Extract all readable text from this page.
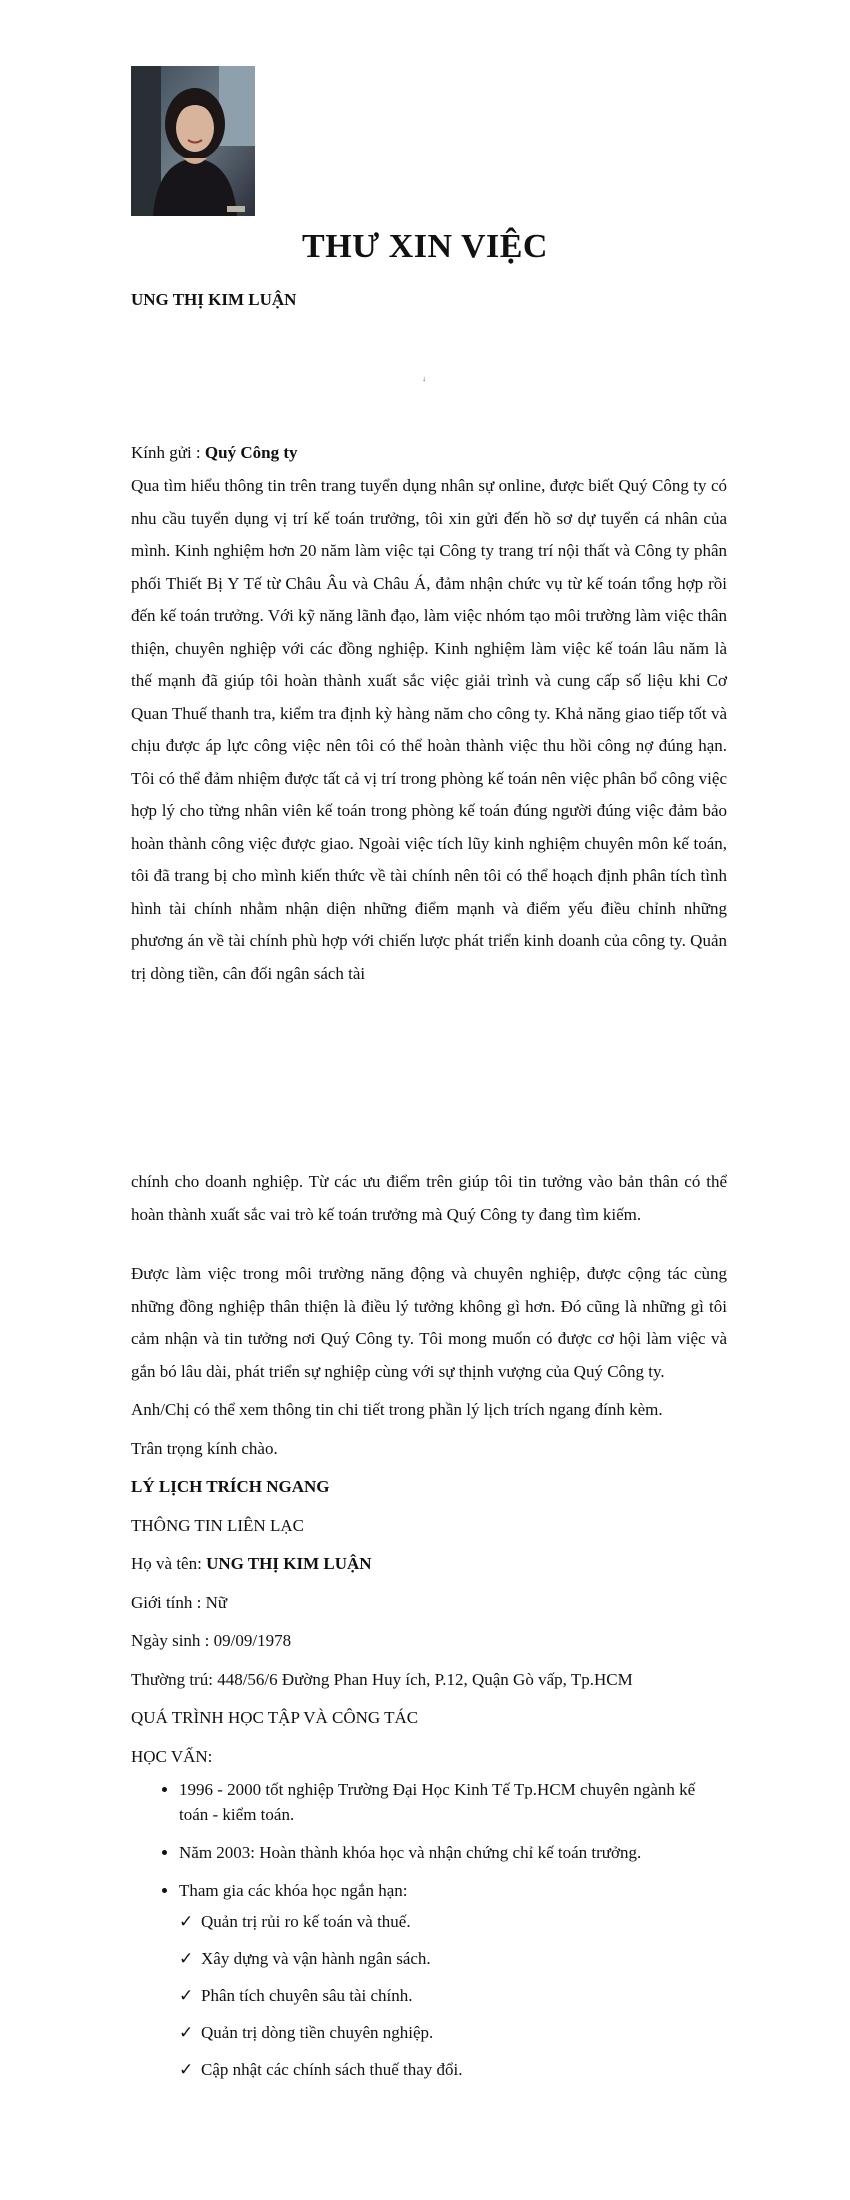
THƯ XIN VIỆC
UNG THỊ KIM LUẬN
↓

Kính gửi : Quý Công ty

Qua tìm hiểu thông tin trên trang tuyển dụng nhân sự online, được biết Quý Công ty có nhu cầu tuyển dụng vị trí kế toán trưởng, tôi xin gửi đến hồ sơ dự tuyển cá nhân của mình. Kinh nghiệm hơn 20 năm làm việc tại Công ty trang trí nội thất và Công ty phân phối Thiết Bị Y Tế từ Châu Âu và Châu Á, đảm nhận chức vụ từ kế toán tổng hợp rồi đến kế toán trưởng. Với kỹ năng lãnh đạo, làm việc nhóm tạo môi trường làm việc thân thiện, chuyên nghiệp với các đồng nghiệp. Kinh nghiệm làm việc kế toán lâu năm là thế mạnh đã giúp tôi hoàn thành xuất sắc việc giải trình và cung cấp số liệu khi Cơ Quan Thuế thanh tra, kiểm tra định kỳ hàng năm cho công ty. Khả năng giao tiếp tốt và chịu được áp lực công việc nên tôi có thể hoàn thành việc thu hồi công nợ đúng hạn. Tôi có thể đảm nhiệm được tất cả vị trí trong phòng kế toán nên việc phân bổ công việc hợp lý cho từng nhân viên kế toán trong phòng kế toán đúng người đúng việc đảm bảo hoàn thành công việc được giao. Ngoài việc tích lũy kinh nghiệm chuyên môn kế toán, tôi đã trang bị cho mình kiến thức về tài chính nên tôi có thể hoạch định phân tích tình hình tài chính nhằm nhận diện những điểm mạnh và điểm yếu điều chỉnh những phương án về tài chính phù hợp với chiến lược phát triển kinh doanh của công ty. Quản trị dòng tiền, cân đối ngân sách tài

chính cho doanh nghiệp. Từ các ưu điểm trên giúp tôi tin tưởng vào bản thân có thể hoàn thành xuất sắc vai trò kế toán trưởng mà Quý Công ty đang tìm kiếm.

Được làm việc trong môi trường năng động và chuyên nghiệp, được cộng tác cùng những đồng nghiệp thân thiện là điều lý tưởng không gì hơn. Đó cũng là những gì tôi cảm nhận và tin tưởng nơi Quý Công ty. Tôi mong muốn có được cơ hội làm việc và gắn bó lâu dài, phát triển sự nghiệp cùng với sự thịnh vượng của Quý Công ty.

Anh/Chị có thể xem thông tin chi tiết trong phần lý lịch trích ngang đính kèm.

Trân trọng kính chào.

LÝ LỊCH TRÍCH NGANG

THÔNG TIN LIÊN LẠC

Họ và tên: UNG THỊ KIM LUẬN

Giới tính : Nữ

Ngày sinh : 09/09/1978

Thường trú: 448/56/6 Đường Phan Huy ích, P.12, Quận Gò vấp, Tp.HCM

QUÁ TRÌNH HỌC TẬP VÀ CÔNG TÁC

HỌC VẤN:

• 1996 - 2000 tốt nghiệp Trường Đại Học Kinh Tế Tp.HCM chuyên ngành kế toán - kiểm toán.
• Năm 2003: Hoàn thành khóa học và nhận chứng chỉ kế toán trưởng.
• Tham gia các khóa học ngắn hạn:
✓ Quản trị rủi ro kế toán và thuế.
✓ Xây dựng và vận hành ngân sách.
✓ Phân tích chuyên sâu tài chính.
✓ Quản trị dòng tiền chuyên nghiệp.
✓ Cập nhật các chính sách thuế thay đổi.
